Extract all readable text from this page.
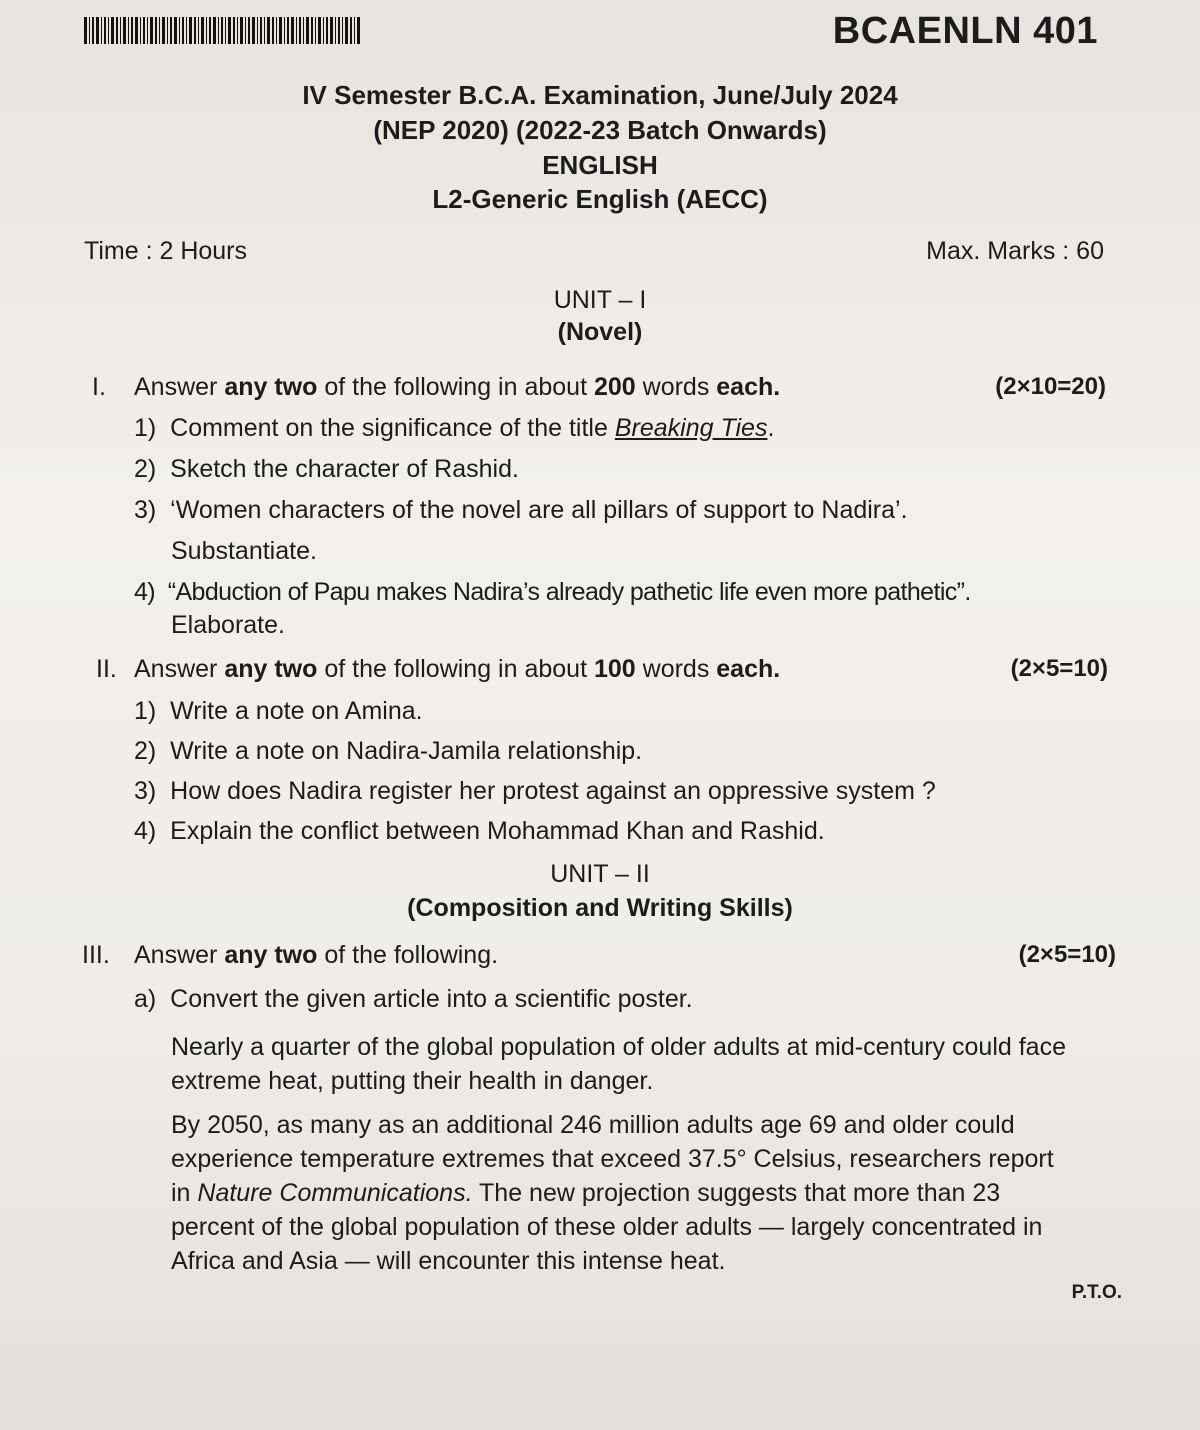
BCAENLN 401
IV Semester B.C.A. Examination, June/July 2024
(NEP 2020) (2022-23 Batch Onwards)
ENGLISH
L2-Generic English (AECC)
Time : 2 Hours	Max. Marks : 60
UNIT – I
(Novel)
I. Answer any two of the following in about 200 words each.	(2×10=20)
1) Comment on the significance of the title Breaking Ties.
2) Sketch the character of Rashid.
3) ‘Women characters of the novel are all pillars of support to Nadira’.
Substantiate.
4) “Abduction of Papu makes Nadira’s already pathetic life even more pathetic”.
Elaborate.
II. Answer any two of the following in about 100 words each.	(2×5=10)
1) Write a note on Amina.
2) Write a note on Nadira-Jamila relationship.
3) How does Nadira register her protest against an oppressive system ?
4) Explain the conflict between Mohammad Khan and Rashid.
UNIT – II
(Composition and Writing Skills)
III. Answer any two of the following.	(2×5=10)
a) Convert the given article into a scientific poster.
Nearly a quarter of the global population of older adults at mid-century could face extreme heat, putting their health in danger.
By 2050, as many as an additional 246 million adults age 69 and older could experience temperature extremes that exceed 37.5° Celsius, researchers report in Nature Communications. The new projection suggests that more than 23 percent of the global population of these older adults — largely concentrated in Africa and Asia — will encounter this intense heat.
P.T.O.
